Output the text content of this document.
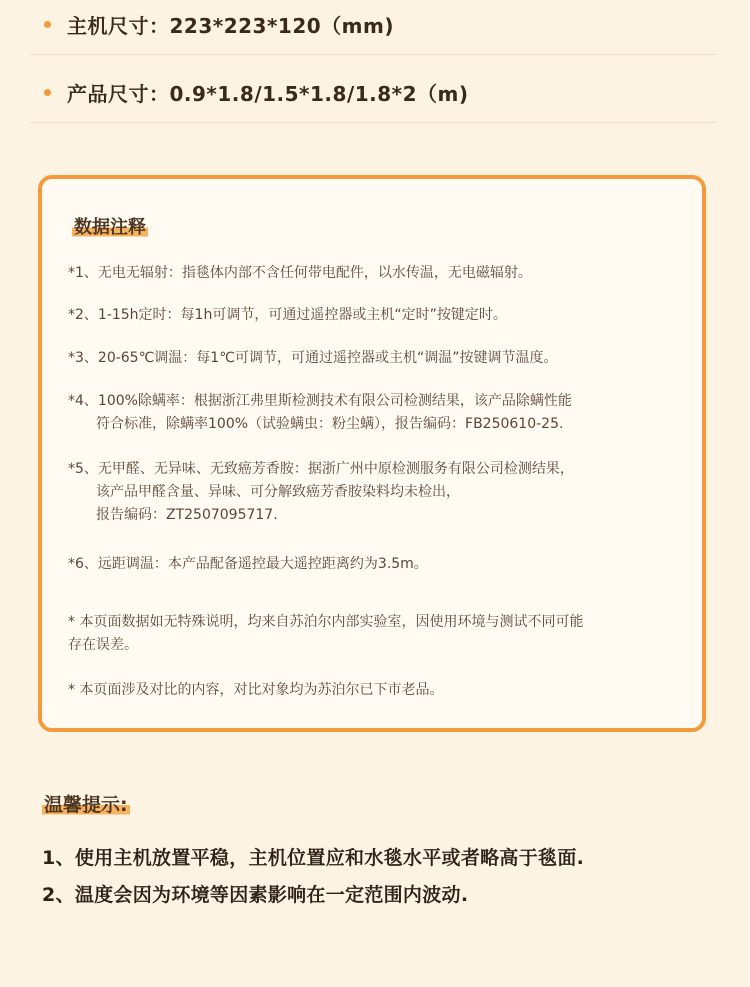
主机尺寸：223*223*120（mm)
产品尺寸：0.9*1.8/1.5*1.8/1.8*2（m)
数据注释
*1、无电无辐射：指毯体内部不含任何带电配件，以水传温，无电磁辐射。
*2、1-15h定时：每1h可调节，可通过遥控器或主机“定时”按键定时。
*3、20-65℃调温：每1℃可调节，可通过遥控器或主机“调温”按键调节温度。
*4、100%除螨率：根据浙江弗里斯检测技术有限公司检测结果，该产品除螨性能
符合标准，除螨率100%（试验螨虫：粉尘螨），报告编码：FB250610-25.
*5、无甲醛、无异味、无致癌芳香胺：据浙广州中原检测服务有限公司检测结果，
该产品甲醛含量、异味、可分解致癌芳香胺染料均未检出，
报告编码：ZT2507095717.
*6、远距调温：本产品配备遥控最大遥控距离约为3.5m。
* 本页面数据如无特殊说明，均来自苏泊尔内部实验室，因使用环境与测试不同可能
存在误差。
* 本页面涉及对比的内容，对比对象均为苏泊尔已下市老品。
温馨提示:
1、使用主机放置平稳，主机位置应和水毯水平或者略高于毯面.
2、温度会因为环境等因素影响在一定范围内波动.
